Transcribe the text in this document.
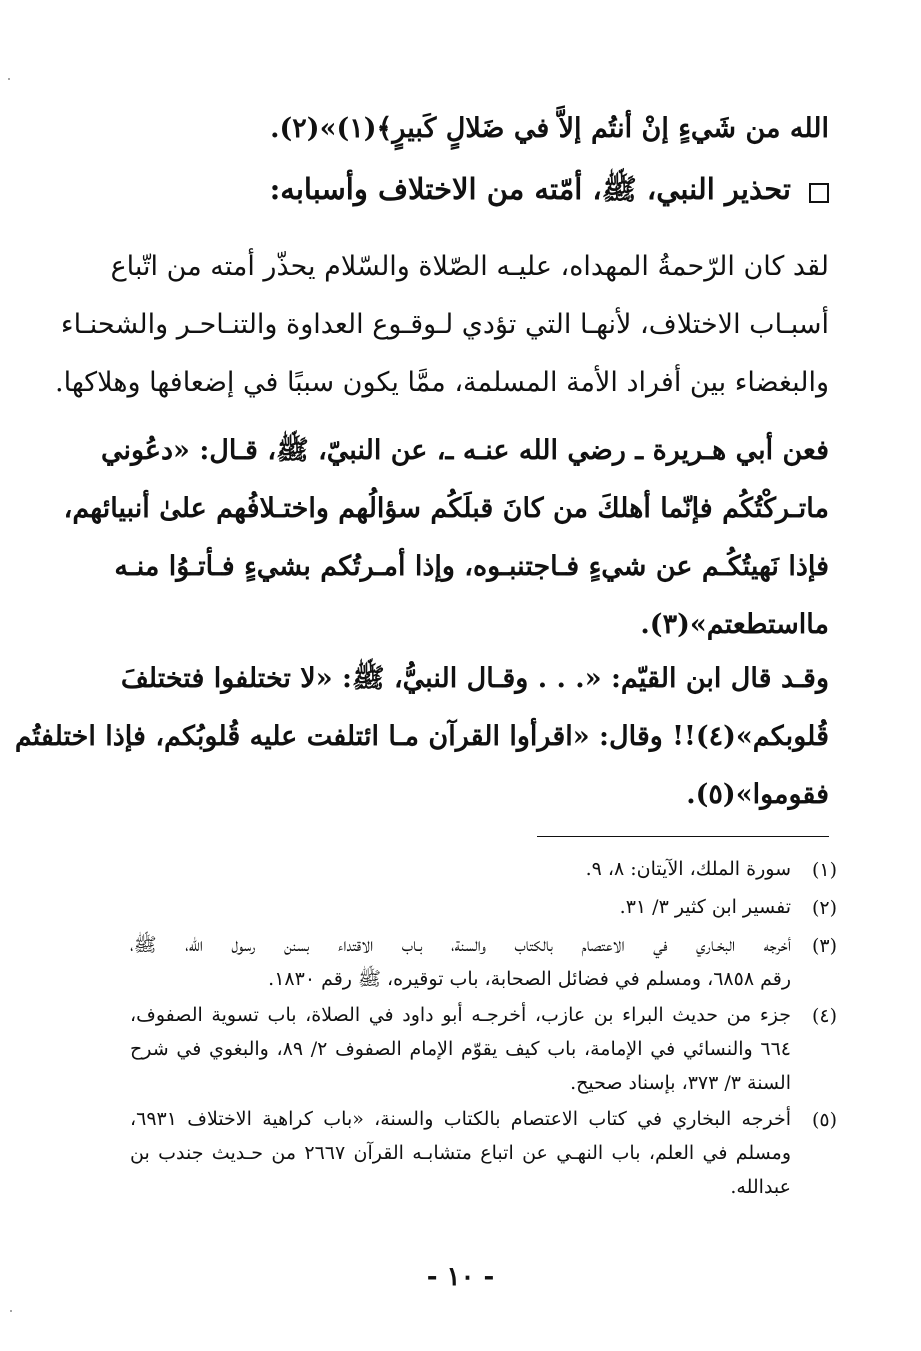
الله من شَيءٍ إنْ أنتُم إلاَّ في ضَلالٍ كَبيرٍ﴾(١)»(٢).
تحذير النبي، ﷺ، أمّته من الاختلاف وأسبابه:
لقد كان الرّحمةُ المهداه، عليـه الصّلاة والسّلام يحذّر أمته من اتّباع
أسبـاب الاختلاف، لأنهـا التي تؤدي لـوقـوع العداوة والتنـاحـر والشحنـاء
والبغضاء بين أفراد الأمة المسلمة، ممَّا يكون سببًا في إضعافها وهلاكها.
فعن أبي هـريرة ـ رضي الله عنـه ـ، عن النبيّ، ﷺ، قـال: «دعُوني
ماتـركْتُكُم فإنّما أهلكَ من كانَ قبلَكُم سؤالُهم واختـلافُهم علىٰ أنبيائهم،
فإذا نَهيتُكُـم عن شيءٍ فـاجتنبـوه، وإذا أمـرتُكم بشيءٍ فـأتـوُا منـه
مااستطعتم»(٣).
وقـد قال ابن القيّم: «. . . وقـال النبيُّ، ﷺ: «لا تختلفوا فتختلفَ
قُلوبكم»(٤)!! وقال: «اقرأوا القرآن مـا ائتلفت عليه قُلوبُكم، فإذا اختلفتُم
فقوموا»(٥).
(١)
سورة الملك، الآيتان: ٨، ٩.
(٢)
تفسير ابن كثير ٣/ ٣١.
(٣)
أخرجه البخـاري في الاعتصام بالكتاب والسنة، بـاب الاقتداء بسنن رسول الله، ﷺ،
رقم ٦٨٥٨، ومسلم في فضائل الصحابة، باب توقيره، ﷺ رقم ١٨٣٠.
(٤)
جزء من حديث البراء بن عازب، أخرجـه أبو داود في الصلاة، باب تسوية الصفوف،
٦٦٤ والنسائي في الإمامة، باب كيف يقوّم الإمام الصفوف ٢/ ٨٩، والبغوي في شرح
السنة ٣/ ٣٧٣، بإسناد صحيح.
(٥)
أخرجه البخاري في كتاب الاعتصام بالكتاب والسنة، «باب كراهية الاختلاف ٦٩٣١،
ومسلم في العلم، باب النهـي عن اتباع متشابـه القرآن ٢٦٦٧ من حـديث جندب بن
عبدالله.
- ١٠ -
